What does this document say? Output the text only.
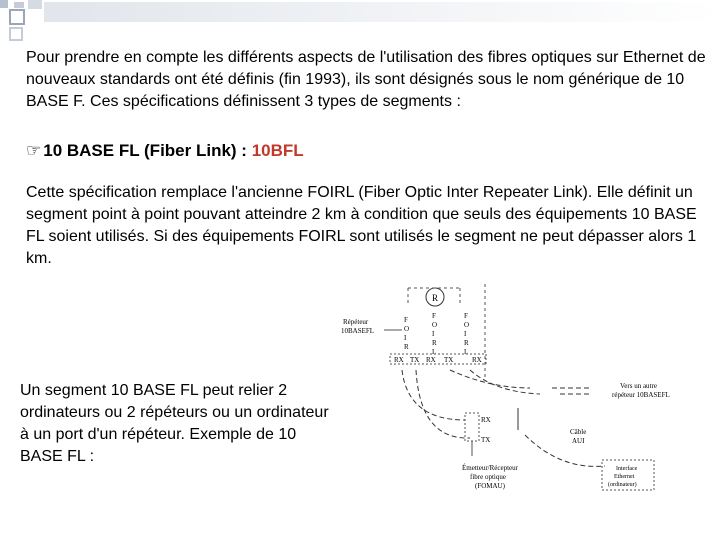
Pour prendre en compte les différents aspects de l'utilisation des fibres optiques sur Ethernet de nouveaux standards ont été définis (fin 1993), ils sont désignés sous le nom générique de 10 BASE F. Ces spécifications définissent 3 types de segments :

☞ 10 BASE FL (Fiber Link) : 10BFL

Cette spécification remplace l'ancienne FOIRL (Fiber Optic Inter Repeater Link). Elle définit un segment point à point pouvant atteindre 2 km à condition que seuls des équipements 10 BASE FL soient utilisés. Si des équipements FOIRL sont utilisés le segment ne peut dépasser alors 1 km.

Un segment 10 BASE FL peut relier 2 ordinateurs ou 2 répéteurs ou un ordinateur à un port d'un répéteur. Exemple de 10 BASE FL :

R
Répéteur
10BASEFL
F
O
I
R
F
O
I
R
L
F
O
I
R
L
RX TX RX TX	RX
Vers un autre
répéteur 10BASEFL
RX
TX
Câble
AUI
Émetteur/Récepteur
fibre optique
(FOMAU)
Interface
Ethernet
(ordinateur)
